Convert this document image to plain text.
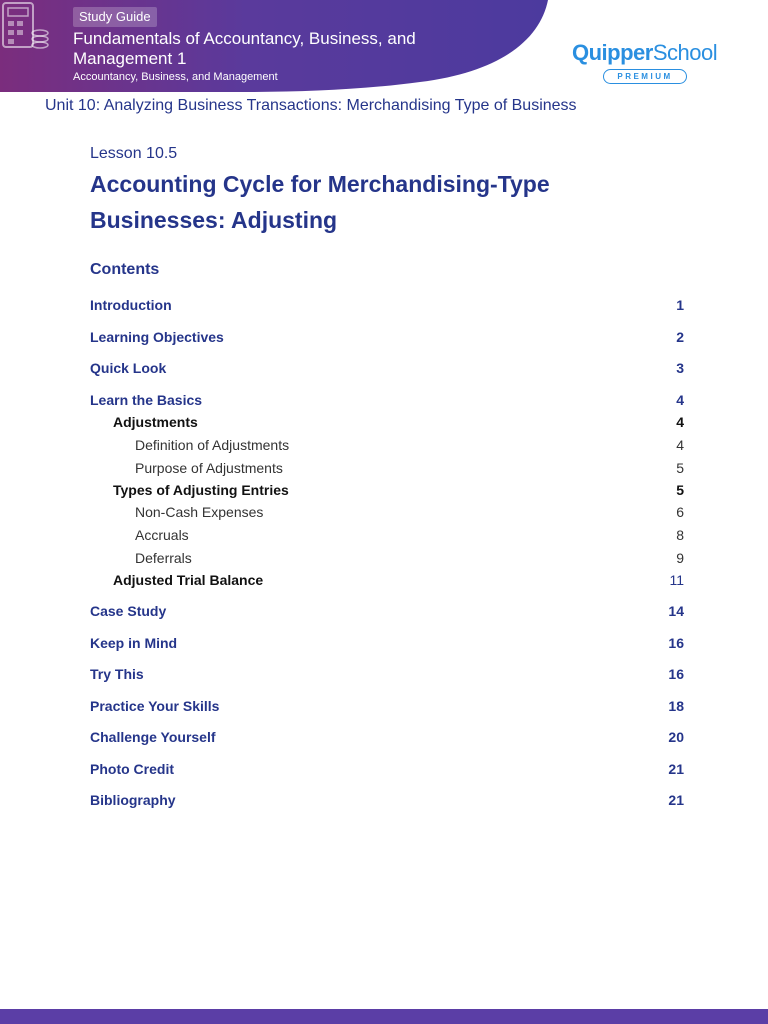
Study Guide
Fundamentals of Accountancy, Business, and Management 1
Accountancy, Business, and Management
QuipperSchool
PREMIUM
Unit 10: Analyzing Business Transactions: Merchandising Type of Business
Lesson 10.5
Accounting Cycle for Merchandising-Type Businesses: Adjusting
Contents
Introduction	1
Learning Objectives	2
Quick Look	3
Learn the Basics	4
Adjustments	4
Definition of Adjustments	4
Purpose of Adjustments	5
Types of Adjusting Entries	5
Non-Cash Expenses	6
Accruals	8
Deferrals	9
Adjusted Trial Balance	11
Case Study	14
Keep in Mind	16
Try This	16
Practice Your Skills	18
Challenge Yourself	20
Photo Credit	21
Bibliography	21
